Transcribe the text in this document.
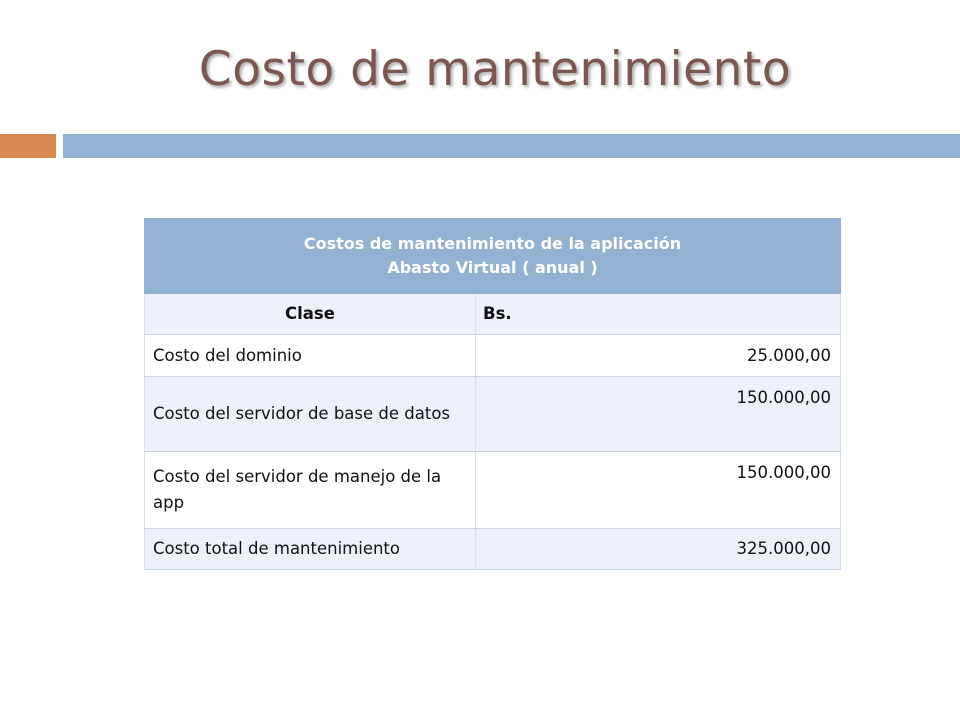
Costo de mantenimiento
Costos de mantenimiento de la aplicación
Abasto Virtual ( anual )	

Clase	Bs.
Costo del dominio	25.000,00
Costo del servidor de base de datos	150.000,00
Costo del servidor de manejo de la app	150.000,00
Costo total de mantenimiento	325.000,00
